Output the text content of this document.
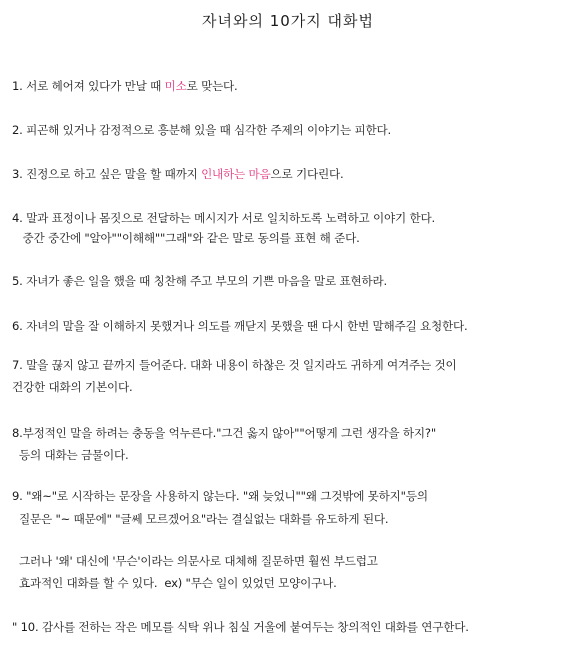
자녀와의 10가지 대화법
1. 서로 헤어져 있다가 만날 때 미소로 맞는다.
2. 피곤해 있거나 감정적으로 흥분해 있을 때 심각한 주제의 이야기는 피한다.
3. 진정으로 하고 싶은 말을 할 때까지 인내하는 마음으로 기다린다.
4. 말과 표정이나 몸짓으로 전달하는 메시지가 서로 일치하도록 노력하고 이야기 한다.
중간 중간에 "알아""이해해""그래"와 같은 말로 동의를 표현 해 준다.
5. 자녀가 좋은 일을 했을 때 칭찬해 주고 부모의 기쁜 마음을 말로 표현하라.
6. 자녀의 말을 잘 이해하지 못했거나 의도를 깨닫지 못했을 땐 다시 한번 말해주길 요청한다.
7. 말을 끊지 않고 끝까지 들어준다. 대화 내용이 하찮은 것 일지라도 귀하게 여겨주는 것이
건강한 대화의 기본이다.
8.부정적인 말을 하려는 충동을 억누른다."그건 옳지 않아""어떻게 그런 생각을 하지?"
등의 대화는 금물이다.
9. "왜~"로 시작하는 문장을 사용하지 않는다. "왜 늦었니""왜 그것밖에 못하지"등의
질문은 "~ 때문에" "글쎄 모르겠어요"라는 결실없는 대화를 유도하게 된다.
그러나 '왜' 대신에 '무슨'이라는 의문사로 대체해 질문하면 훨씬 부드럽고
효과적인 대화를 할 수 있다.  ex) "무슨 일이 있었던 모양이구나.
" 10. 감사를 전하는 작은 메모를 식탁 위나 침실 거울에 붙여두는 창의적인 대화를 연구한다.
